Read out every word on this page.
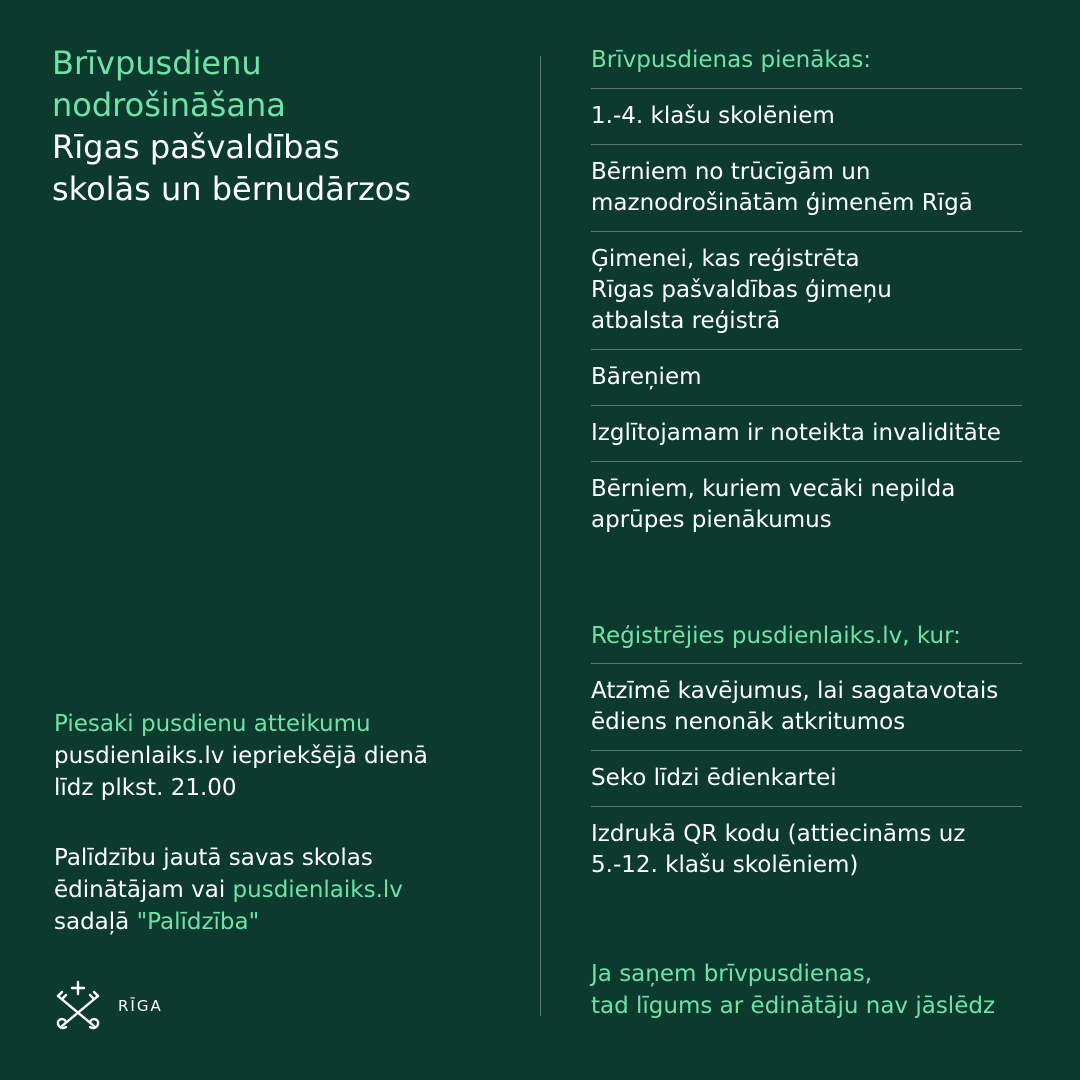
Brīvpusdienu
nodrošināšana
Rīgas pašvaldības
skolās un bērnudārzos
Piesaki pusdienu atteikumu
pusdienlaiks.lv iepriekšējā dienā
līdz plkst. 21.00
Palīdzību jautā savas skolas
ēdinātājam vai pusdienlaiks.lv
sadaļā "Palīdzība"
RĪGA
Brīvpusdienas pienākas:
1.-4. klašu skolēniem
Bērniem no trūcīgām un
maznodrošinātām ģimenēm Rīgā
Ģimenei, kas reģistrēta
Rīgas pašvaldības ģimeņu
atbalsta reģistrā
Bāreņiem
Izglītojamam ir noteikta invaliditāte
Bērniem, kuriem vecāki nepilda
aprūpes pienākumus
Reģistrējies pusdienlaiks.lv, kur:
Atzīmē kavējumus, lai sagatavotais
ēdiens nenonāk atkritumos
Seko līdzi ēdienkartei
Izdrukā QR kodu (attiecināms uz
5.-12. klašu skolēniem)
Ja saņem brīvpusdienas,
tad līgums ar ēdinātāju nav jāslēdz
